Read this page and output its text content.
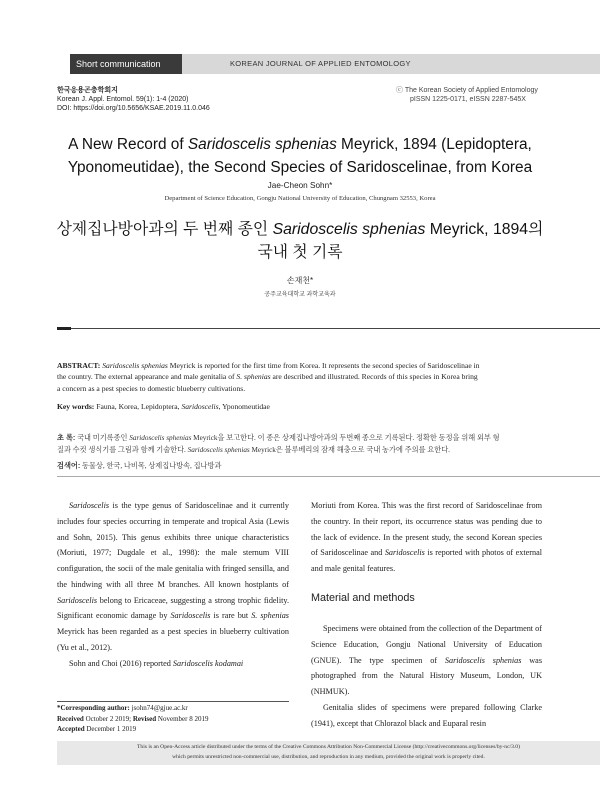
Short communication	KOREAN JOURNAL OF APPLIED ENTOMOLOGY
한국응용곤충학회지
Korean J. Appl. Entomol. 59(1): 1-4 (2020)
DOI: https://doi.org/10.5656/KSAE.2019.11.0.046
ⓒ The Korean Society of Applied Entomology
pISSN 1225-0171, eISSN 2287-545X
A New Record of Saridoscelis sphenias Meyrick, 1894 (Lepidoptera,
Yponomeutidae), the Second Species of Saridoscelinae, from Korea
Jae-Cheon Sohn*
Department of Science Education, Gongju National University of Education, Chungnam 32553, Korea
상제집나방아과의 두 번째 종인 Saridoscelis sphenias Meyrick, 1894의
국내 첫 기록
손재천*
공주교육대학교 과학교육과

ABSTRACT: Saridoscelis sphenias Meyrick is reported for the first time from Korea. It represents the second species of Saridoscelinae in

the country. The external appearance and male genitalia of S. sphenias are described and illustrated. Records of this species in Korea bring

a concern as a pest species to domestic blueberry cultivations.

Key words: Fauna, Korea, Lepidoptera, Saridoscelis, Yponomeutidae
초 록: 국내 미기록종인 Saridoscelis sphenias Meyrick을 보고한다. 이 종은 상제집나방아과의 두번째 종으로 기록된다. 정확한 동정을 위해 외부 형
질과 수컷 생식기를 그림과 함께 기술한다. Saridoscelis sphenias Meyrick은 블루베리의 잠재 해충으로 국내 농가에 주의를 요한다.
검색어: 동물상, 한국, 나비목, 상제집나방속, 집나방과

Saridoscelis is the type genus of Saridoscelinae and it currently includes four species occurring in temperate and tropical Asia (Lewis and Sohn, 2015). This genus exhibits three unique characteristics (Moriuti, 1977; Dugdale et al., 1998): the male sternum VIII configuration, the socii of the male genitalia with fringed sensilla, and the hindwing with all three M branches. All known hostplants of Saridoscelis belong to Ericaceae, suggesting a strong trophic fidelity. Significant economic damage by Saridoscelis is rare but S. sphenias Meyrick has been regarded as a pest species in blueberry cultivation (Yu et al., 2012).

Sohn and Choi (2016) reported Saridoscelis kodamai

*Corresponding author: jsohn74@gjue.ac.kr
Received October 2 2019; Revised November 8 2019
Accepted December 1 2019

Moriuti from Korea. This was the first record of Saridoscelinae from the country. In their report, its occurrence status was pending due to the lack of evidence. In the present study, the second Korean species of Saridoscelinae and Saridoscelis is reported with photos of external and male genital features.

Material and methods

Specimens were obtained from the collection of the Department of Science Education, Gongju National University of Education (GNUE). The type specimen of Saridoscelis sphenias was photographed from the Natural History Museum, London, UK (NHMUK).

Genitalia slides of specimens were prepared following Clarke (1941), except that Chlorazol black and Euparal resin

This is an Open-Access article distributed under the terms of the Creative Commons Attribution Non-Commercial License (http://creativecommons.org/licenses/by-nc/3.0)
which permits unrestricted non-commercial use, distribution, and reproduction in any medium, provided the original work is properly cited.
